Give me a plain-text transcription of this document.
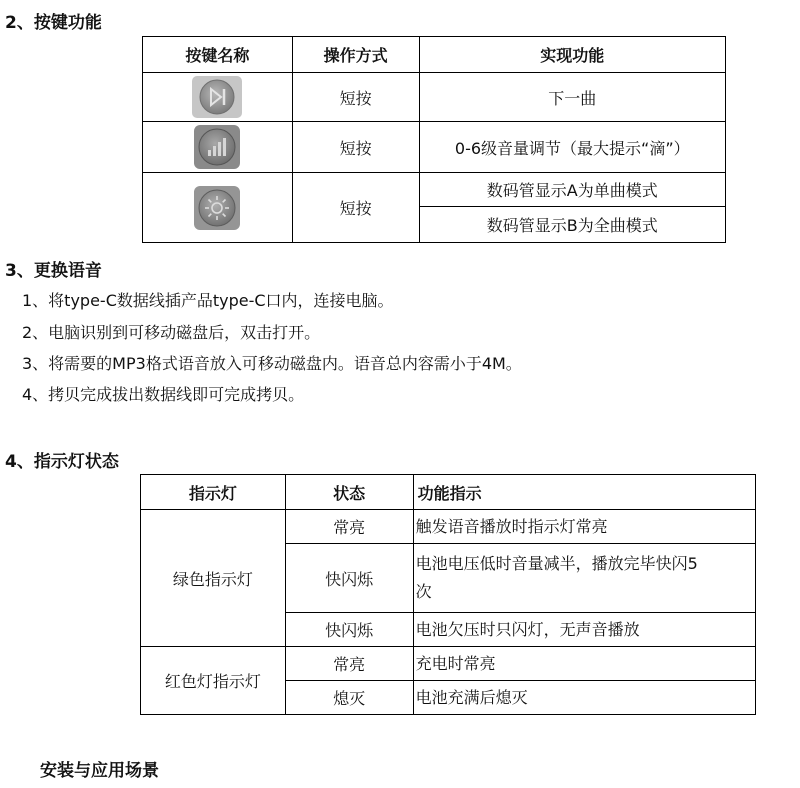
2、按键功能
按键名称	操作方式	实现功能
	短按	下一曲
	短按	0-6级音量调节（最大提示“滴”）
	短按	数码管显示A为单曲模式
		数码管显示B为全曲模式
3、更换语音

1、将type-C数据线插产品type-C口内，连接电脑。

2、电脑识别到可移动磁盘后，双击打开。

3、将需要的MP3格式语音放入可移动磁盘内。语音总内容需小于4M。

4、拷贝完成拔出数据线即可完成拷贝。

4、指示灯状态
指示灯	状态	功能指示
绿色指示灯	常亮	触发语音播放时指示灯常亮
	快闪烁	电池电压低时音量减半，播放完毕快闪5
次
	快闪烁	电池欠压时只闪灯，无声音播放
红色灯指示灯	常亮	充电时常亮
	熄灭	电池充满后熄灭
安装与应用场景
